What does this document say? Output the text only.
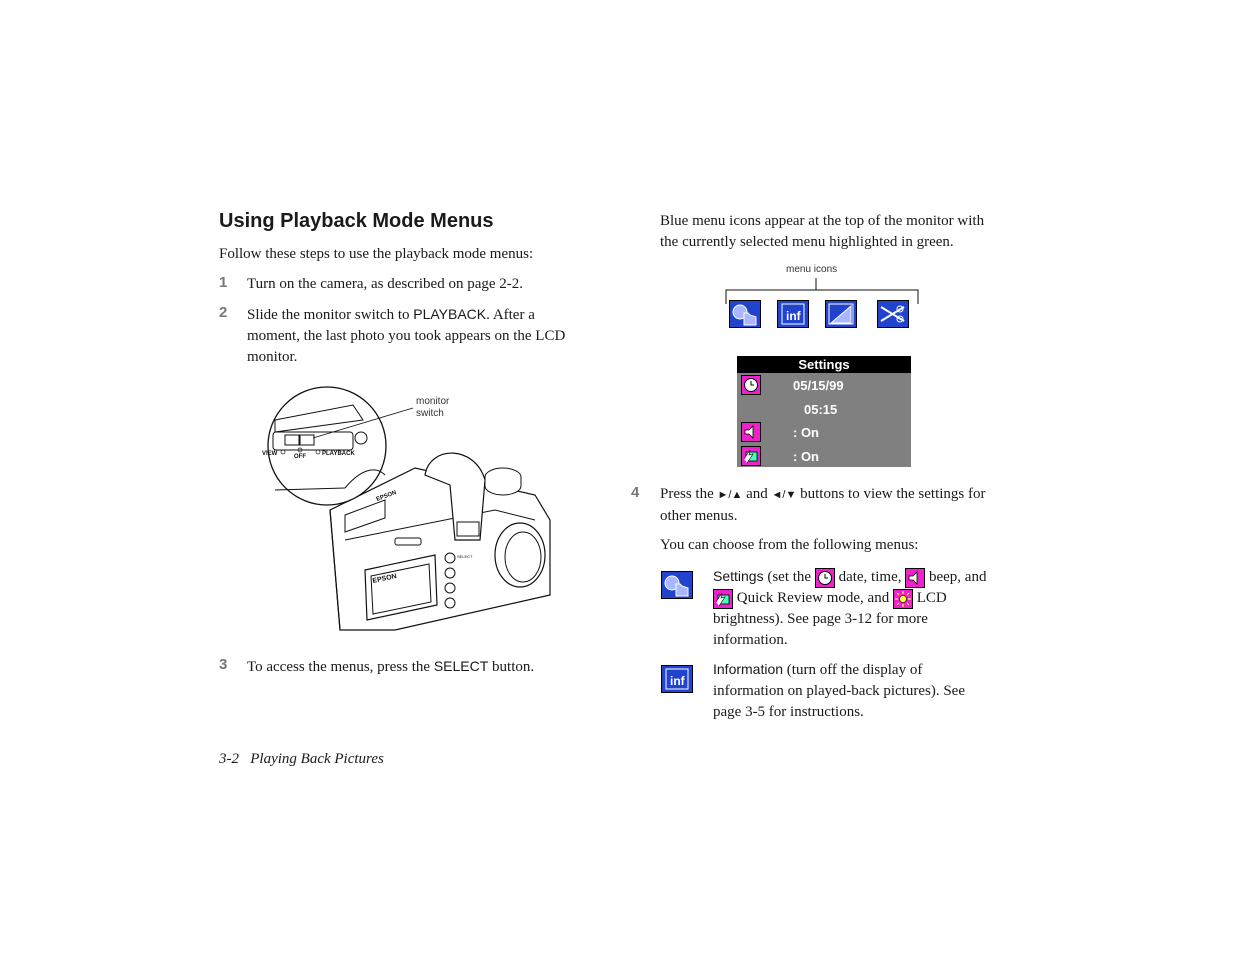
Using Playback Mode Menus
Follow these steps to use the playback mode menus:
1 Turn on the camera, as described on page 2-2.
2 Slide the monitor switch to PLAYBACK. After a
moment, the last photo you took appears on the LCD
monitor.
EPSON
EPSON
SELECT
VIEW	OFF	PLAYBACK
monitor
switch
3 To access the menus, press the SELECT button.
3-2 Playing Back Pictures
Blue menu icons appear at the top of the monitor with
the currently selected menu highlighted in green.
menu icons
inf
Settings
05/15/99
05:15
: On
: On
4 Press the ►/▲ and ◄/▼ buttons to view the settings for
other menus.
You can choose from the following menus:
Settings (set the  date, time,  beep, and
Quick Review mode, and  LCD
brightness). See page 3-12 for more
information.
inf
Information (turn off the display of
information on played-back pictures). See
page 3-5 for instructions.
